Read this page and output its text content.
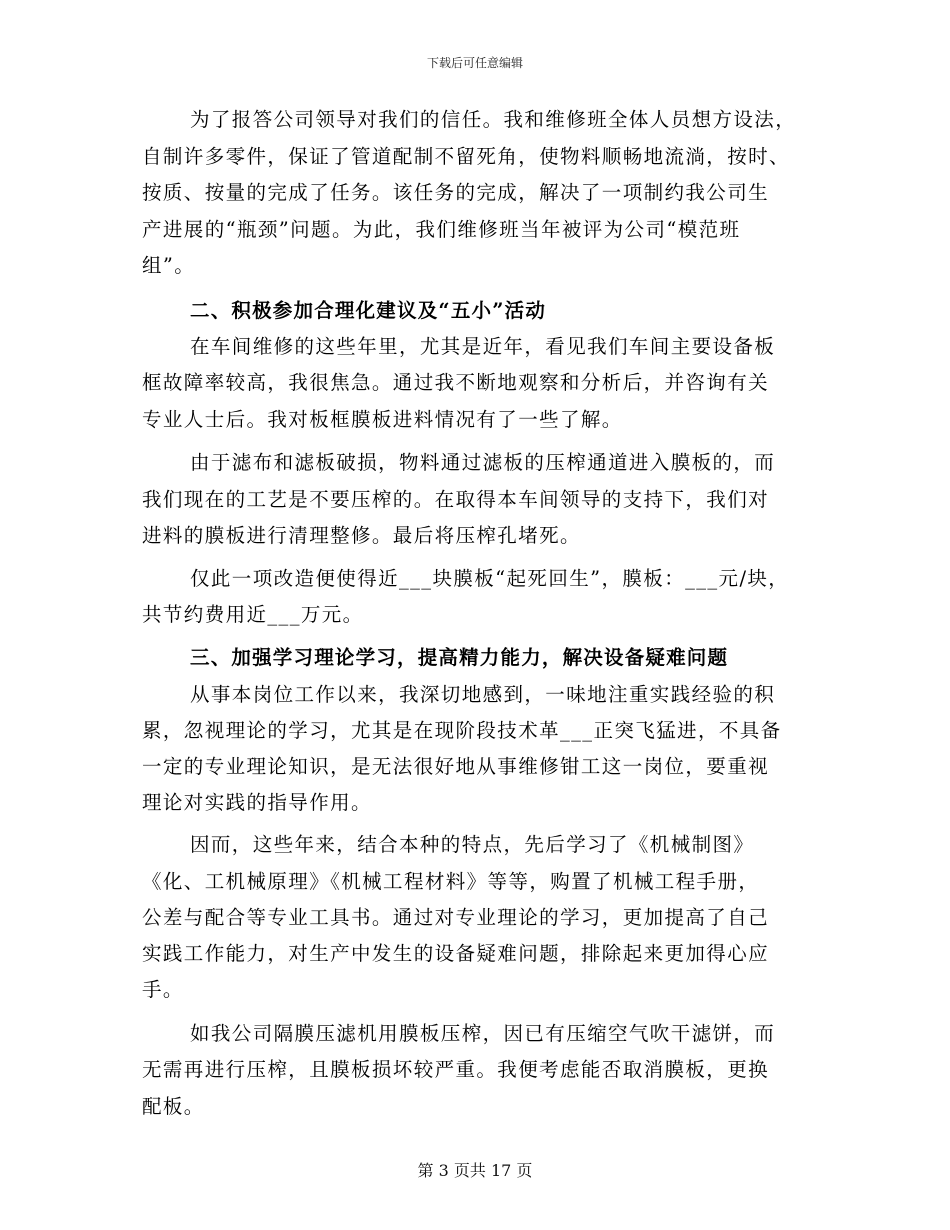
下载后可任意编辑
为了报答公司领导对我们的信任。我和维修班全体人员想方设法，
自制许多零件，保证了管道配制不留死角，使物料顺畅地流淌，按时、
按质、按量的完成了任务。该任务的完成，解决了一项制约我公司生
产进展的“瓶颈”问题。为此，我们维修班当年被评为公司“模范班
组”。
二、积极参加合理化建议及“五小”活动
在车间维修的这些年里，尤其是近年，看见我们车间主要设备板
框故障率较高，我很焦急。通过我不断地观察和分析后，并咨询有关
专业人士后。我对板框膜板进料情况有了一些了解。
由于滤布和滤板破损，物料通过滤板的压榨通道进入膜板的，而
我们现在的工艺是不要压榨的。在取得本车间领导的支持下，我们对
进料的膜板进行清理整修。最后将压榨孔堵死。
仅此一项改造便使得近___块膜板“起死回生”，膜板：___元/块，
共节约费用近___万元。
三、加强学习理论学习，提高精力能力，解决设备疑难问题
从事本岗位工作以来，我深切地感到，一味地注重实践经验的积
累，忽视理论的学习，尤其是在现阶段技术革___正突飞猛进，不具备
一定的专业理论知识，是无法很好地从事维修钳工这一岗位，要重视
理论对实践的指导作用。
因而，这些年来，结合本种的特点，先后学习了《机械制图》
《化、工机械原理》《机械工程材料》等等，购置了机械工程手册，
公差与配合等专业工具书。通过对专业理论的学习，更加提高了自己
实践工作能力，对生产中发生的设备疑难问题，排除起来更加得心应
手。
如我公司隔膜压滤机用膜板压榨，因已有压缩空气吹干滤饼，而
无需再进行压榨，且膜板损坏较严重。我便考虑能否取消膜板，更换
配板。
第 3 页共 17 页
